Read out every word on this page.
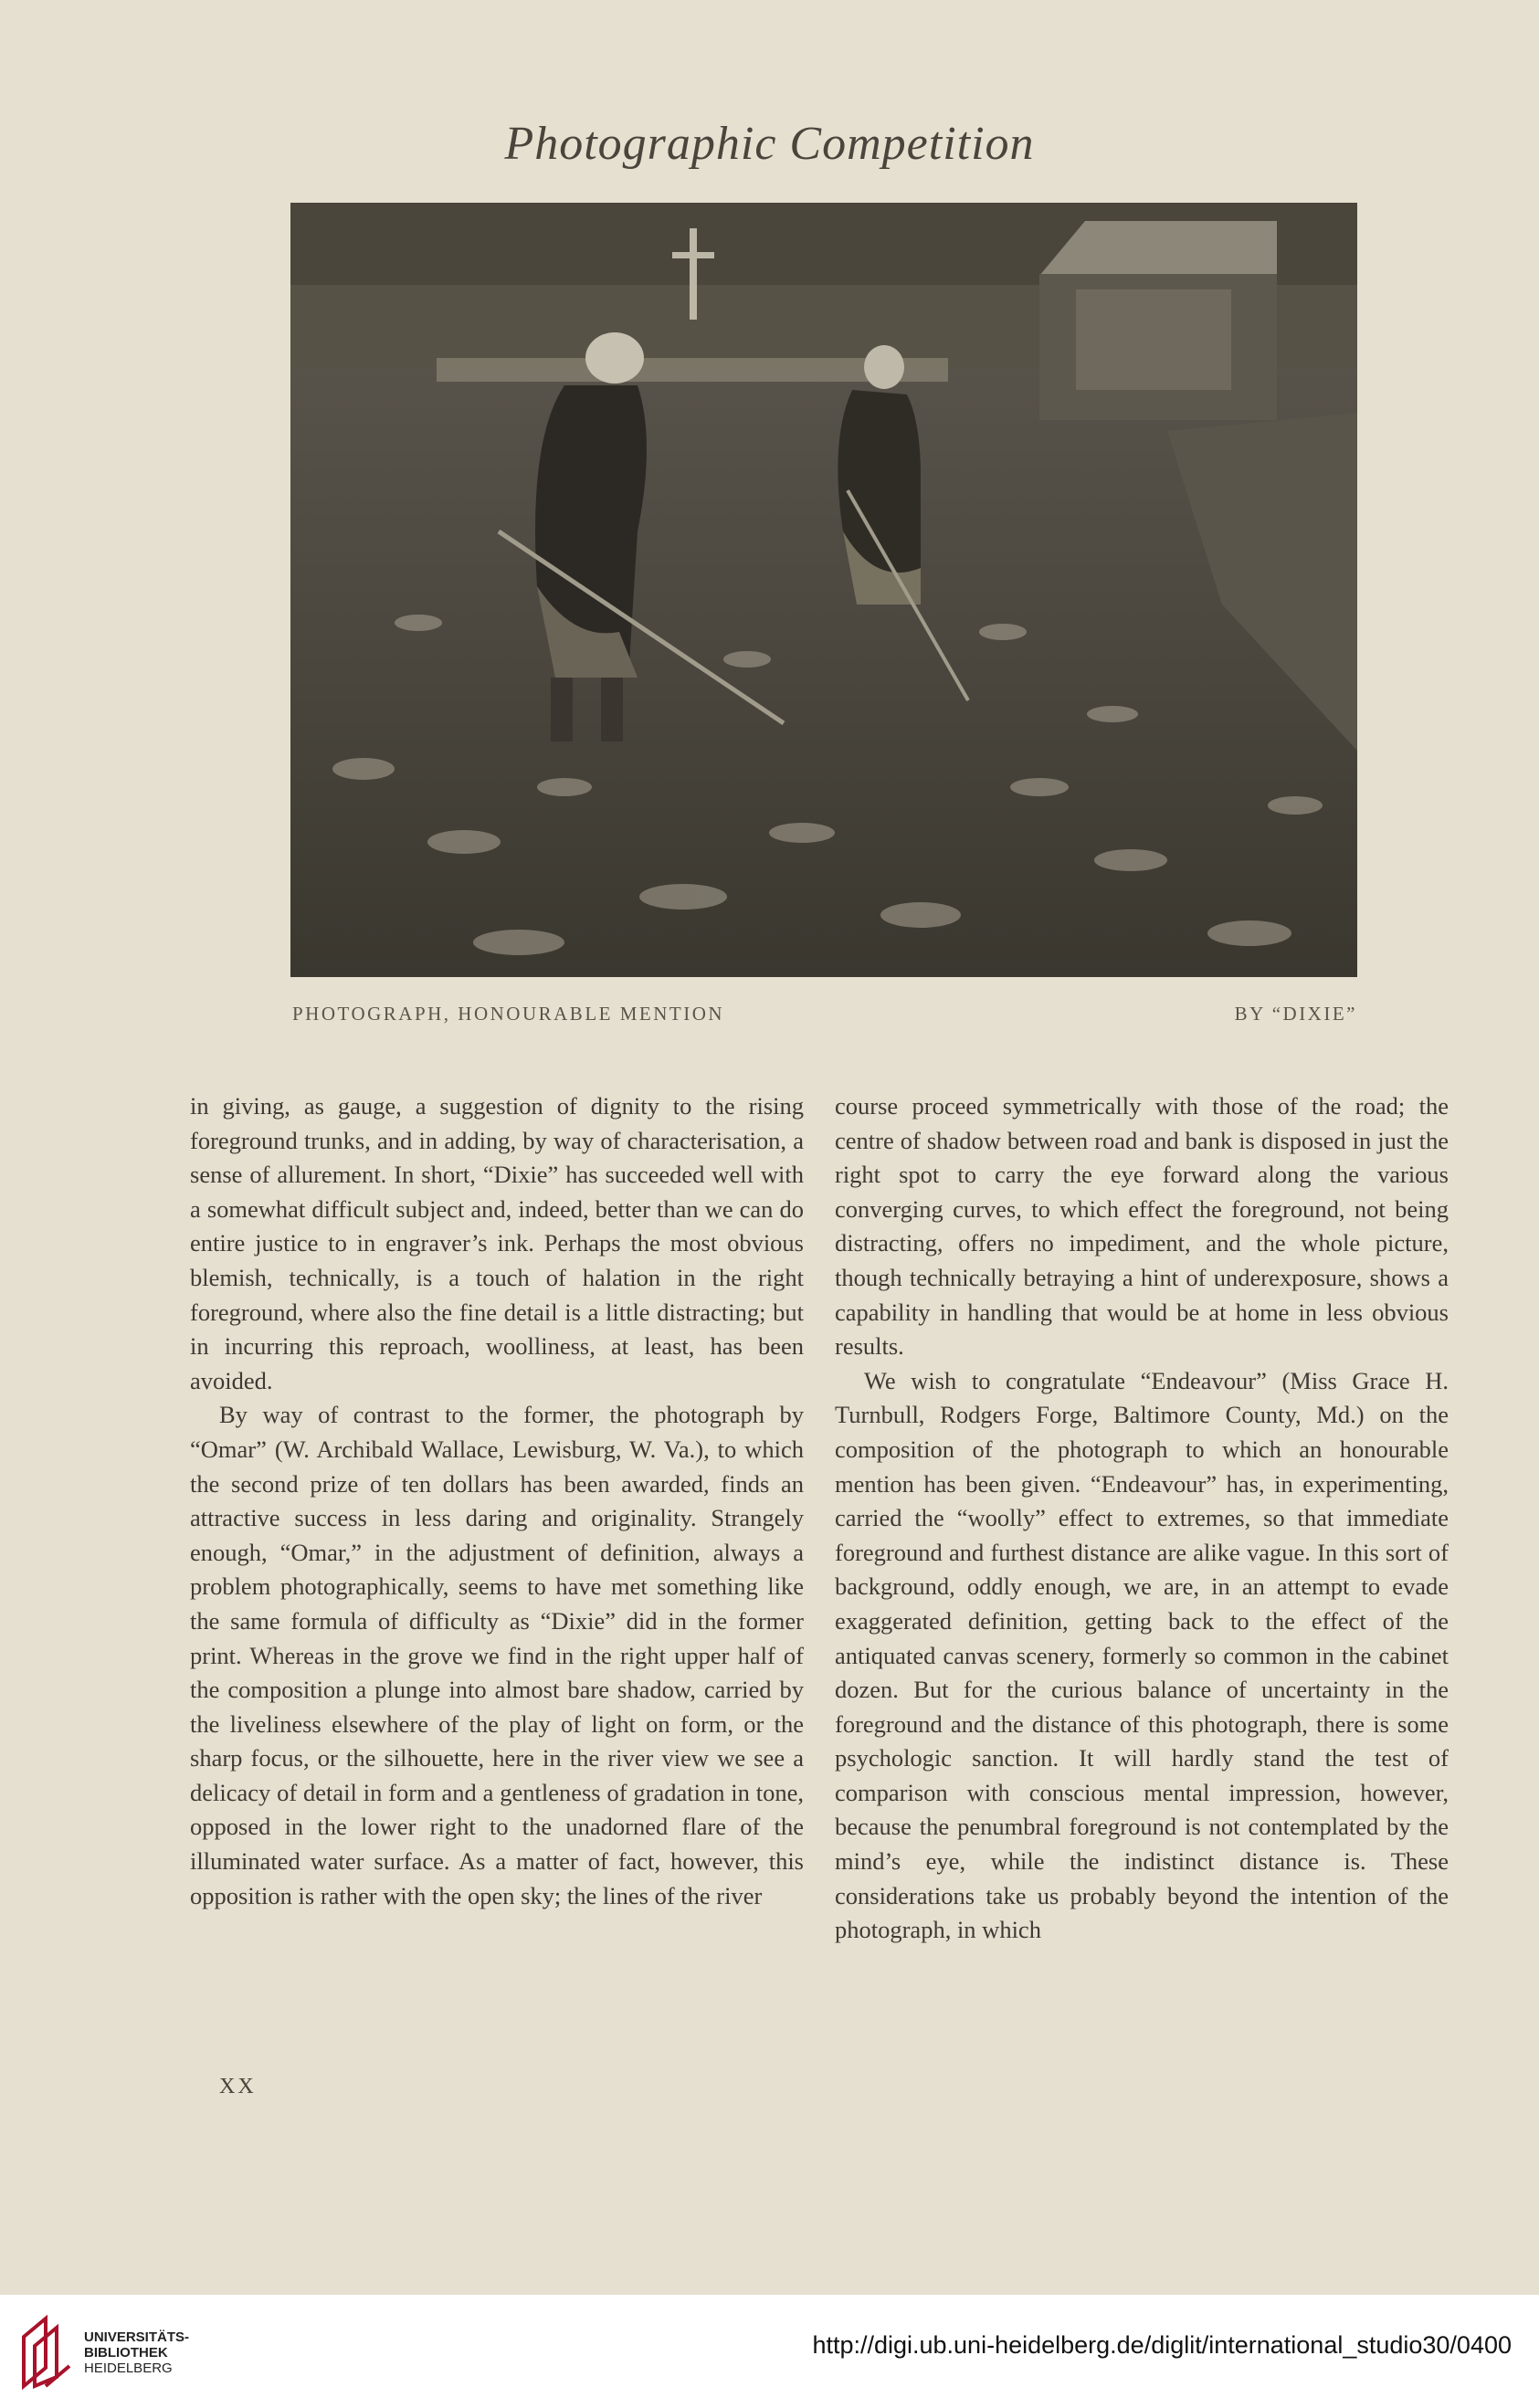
Photographic Competition
PHOTOGRAPH, HONOURABLE MENTION	BY “DIXIE”

in giving, as gauge, a suggestion of dignity to the rising foreground trunks, and in adding, by way of characterisation, a sense of allurement. In short, “Dixie” has succeeded well with a somewhat difficult subject and, indeed, better than we can do entire justice to in engraver’s ink. Perhaps the most obvious blemish, technically, is a touch of halation in the right foreground, where also the fine detail is a little distracting; but in incurring this reproach, woolliness, at least, has been avoided.

By way of contrast to the former, the photograph by “Omar” (W. Archibald Wallace, Lewisburg, W. Va.), to which the second prize of ten dollars has been awarded, finds an attractive success in less daring and originality. Strangely enough, “Omar,” in the adjustment of definition, always a problem photographically, seems to have met something like the same formula of difficulty as “Dixie” did in the former print. Whereas in the grove we find in the right upper half of the composition a plunge into almost bare shadow, carried by the liveliness elsewhere of the play of light on form, or the sharp focus, or the silhouette, here in the river view we see a delicacy of detail in form and a gentleness of gradation in tone, opposed in the lower right to the unadorned flare of the illuminated water surface. As a matter of fact, however, this opposition is rather with the open sky; the lines of the river

course proceed symmetrically with those of the road; the centre of shadow between road and bank is disposed in just the right spot to carry the eye forward along the various converging curves, to which effect the foreground, not being distracting, offers no impediment, and the whole picture, though technically betraying a hint of underexposure, shows a capability in handling that would be at home in less obvious results.

We wish to congratulate “Endeavour” (Miss Grace H. Turnbull, Rodgers Forge, Baltimore County, Md.) on the composition of the photograph to which an honourable mention has been given. “Endeavour” has, in experimenting, carried the “woolly” effect to extremes, so that immediate foreground and furthest distance are alike vague. In this sort of background, oddly enough, we are, in an attempt to evade exaggerated definition, getting back to the effect of the antiquated canvas scenery, formerly so common in the cabinet dozen. But for the curious balance of uncertainty in the foreground and the distance of this photograph, there is some psychologic sanction. It will hardly stand the test of comparison with conscious mental impression, however, because the penumbral foreground is not contemplated by the mind’s eye, while the indistinct distance is. These considerations take us probably beyond the intention of the photograph, in which

XX
UNIVERSITÄTS-
BIBLIOTHEK
HEIDELBERG
http://digi.ub.uni-heidelberg.de/diglit/international_studio30/0400
